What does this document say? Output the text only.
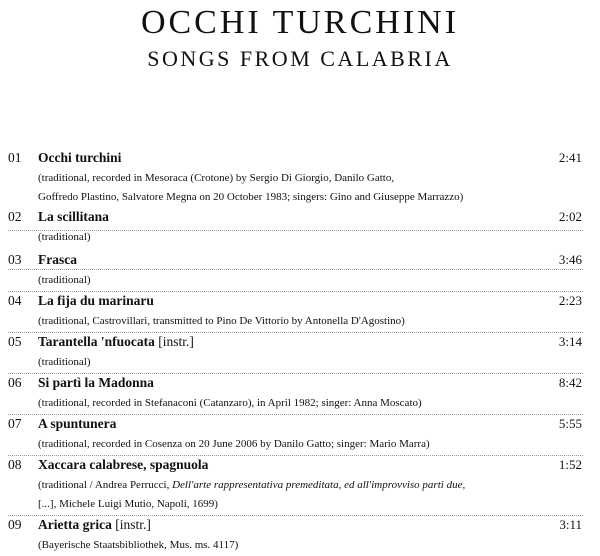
OCCHI TURCHINI
SONGS FROM CALABRIA
01 Occhi turchini	2:41
(traditional, recorded in Mesoraca (Crotone) by Sergio Di Giorgio, Danilo Gatto,
Goffredo Plastino, Salvatore Megna on 20 October 1983; singers: Gino and Giuseppe Marrazzo)
02 La scillitana	2:02
(traditional)
03 Frasca	3:46
(traditional)
04 La fija du marinaru	2:23
(traditional, Castrovillari, transmitted to Pino De Vittorio by Antonella D'Agostino)
05 Tarantella 'nfuocata [instr.]	3:14
(traditional)
06 Si partì la Madonna	8:42
(traditional, recorded in Stefanaconi (Catanzaro), in April 1982; singer: Anna Moscato)
07 A spuntunera	5:55
(traditional, recorded in Cosenza on 20 June 2006 by Danilo Gatto; singer: Mario Marra)
08 Xaccara calabrese, spagnuola	1:52
(traditional / Andrea Perrucci, Dell'arte rappresentativa premeditata, ed all'improvviso parti due,
[...], Michele Luigi Mutio, Napoli, 1699)
09 Arietta grica [instr.]	3:11
(Bayerische Staatsbibliothek, Mus. ms. 4117)
